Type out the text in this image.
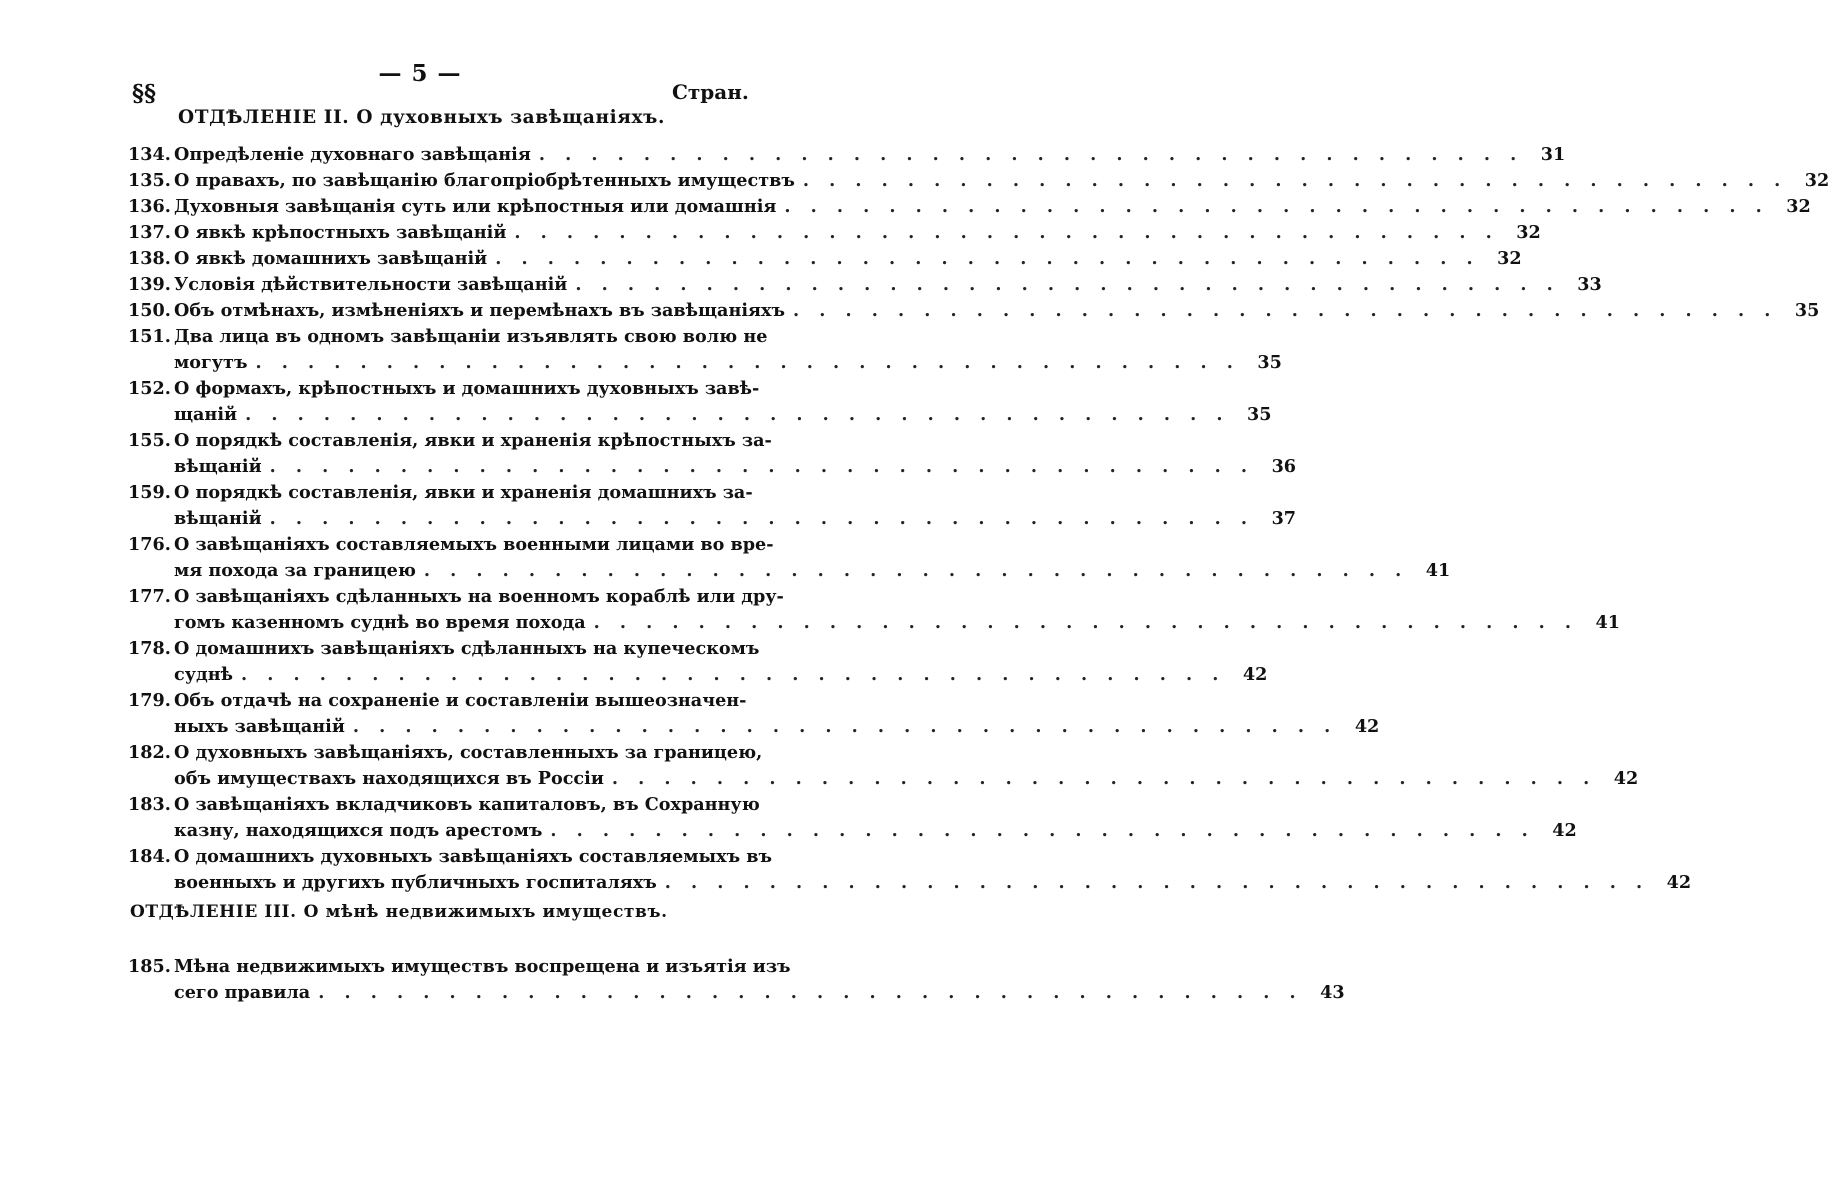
— 5 —
§§	Стран.
ОТДѢЛЕНІЕ II. О духовныхъ завѣщаніяхъ.
134. Опредѣленіе духовнаго завѣщанія . . .	31
135. О правахъ, по завѣщанію благопріобрѣтенныхъ имуществъ . . .	32
136. Духовныя завѣщанія суть или крѣпостныя или домашнія . . .	32
137. О явкѣ крѣпостныхъ завѣщаній . . .	32
138. О явкѣ домашнихъ завѣщаній . . .	32
139. Условія дѣйствительности завѣщаній . . .	33
150. Объ отмѣнахъ, измѣненіяхъ и перемѣнахъ въ завѣщаніяхъ . . .	35
151. Два лица въ одномъ завѣщаніи изъявлять свою волю не
могутъ . . .	35
152. О формахъ, крѣпостныхъ и домашнихъ духовныхъ завѣ-
щаній . . .	35
155. О порядкѣ составленія, явки и храненія крѣпостныхъ за-
вѣщаній . . .	36
159. О порядкѣ составленія, явки и храненія домашнихъ за-
вѣщаній . . .	37
176. О завѣщаніяхъ составляемыхъ военными лицами во вре-
мя похода за границею . . .	41
177. О завѣщаніяхъ сдѣланныхъ на военномъ кораблѣ или дру-
гомъ казенномъ суднѣ во время похода . . .	41
178. О домашнихъ завѣщаніяхъ сдѣланныхъ на купеческомъ
суднѣ . . .	42
179. Объ отдачѣ на сохраненіе и составленіи вышеозначен-
ныхъ завѣщаній . . .	42
182. О духовныхъ завѣщаніяхъ, составленныхъ за границею,
объ имуществахъ находящихся въ Россіи . . .	42
183. О завѣщаніяхъ вкладчиковъ капиталовъ, въ Сохранную
казну, находящихся подъ арестомъ . . .	42
184. О домашнихъ духовныхъ завѣщаніяхъ составляемыхъ въ
военныхъ и другихъ публичныхъ госпиталяхъ . . .	42
ОТДѢЛЕНІЕ III. О мѣнѣ недвижимыхъ имуществъ.
185. Мѣна недвижимыхъ имуществъ воспрещена и изъятія изъ
сего правила . . .	43
